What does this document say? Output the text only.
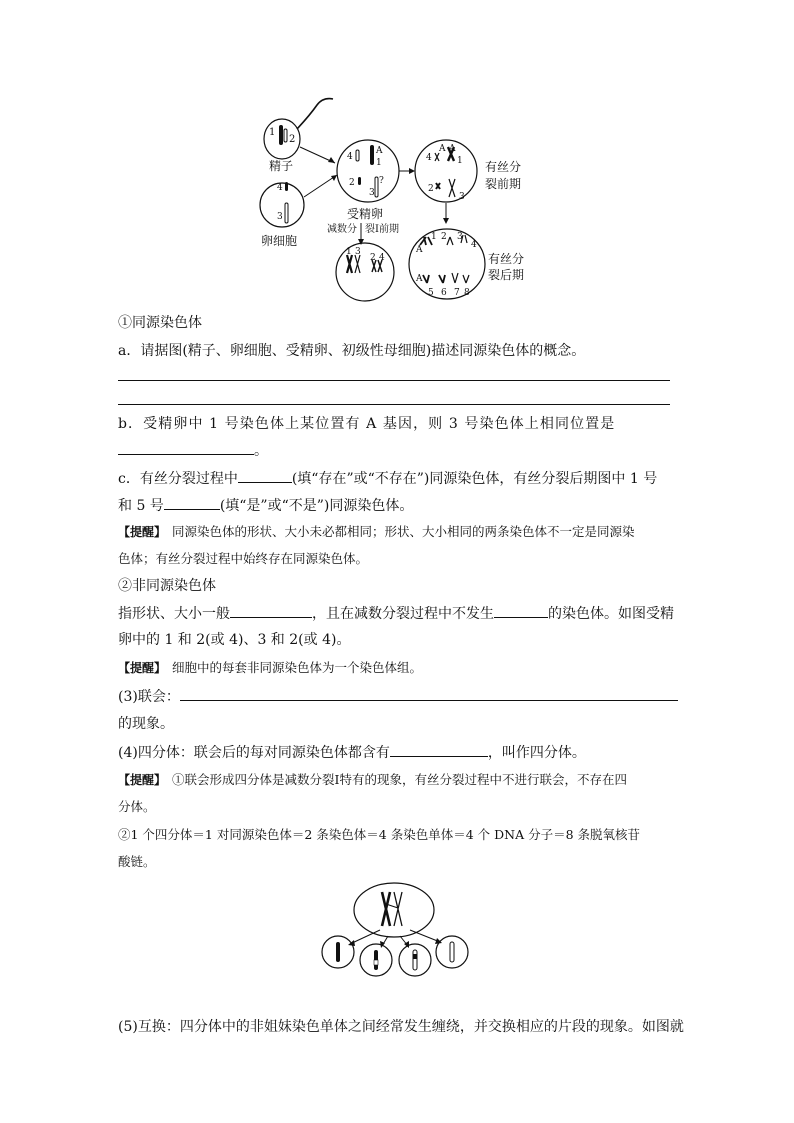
1
2
精子
4
3
卵细胞
4
A
1
2	?
3
受精卵
减数分 裂Ⅰ前期
4
A A
1
2
3
有丝分
裂前期
A
1 2 3
4
A
5 6 7 8
有丝分
裂后期
1 3
2 4
①同源染色体
a．请据图(精子、卵细胞、受精卵、初级性母细胞)描述同源染色体的概念。
b．受精卵中 1 号染色体上某位置有 A 基因，则 3 号染色体上相同位置是
。
c．有丝分裂过程中	(填“存在”或“不存在”)同源染色体，有丝分裂后期图中 1 号
和 5 号	(填“是”或“不是”)同源染色体。
【提醒】 同源染色体的形状、大小未必都相同；形状、大小相同的两条染色体不一定是同源染
色体；有丝分裂过程中始终存在同源染色体。
②非同源染色体
指形状、大小一般	，且在减数分裂过程中不发生	的染色体。如图受精
卵中的 1 和 2(或 4)、3 和 2(或 4)。
【提醒】 细胞中的每套非同源染色体为一个染色体组。
(3)联会：
的现象。
(4)四分体：联会后的每对同源染色体都含有	，叫作四分体。
【提醒】 ①联会形成四分体是减数分裂Ⅰ特有的现象，有丝分裂过程中不进行联会，不存在四
分体。
②1 个四分体＝1 对同源染色体＝2 条染色体＝4 条染色单体＝4 个 DNA 分子＝8 条脱氧核苷
酸链。
(5)互换：四分体中的非姐妹染色单体之间经常发生缠绕，并交换相应的片段的现象。如图就
